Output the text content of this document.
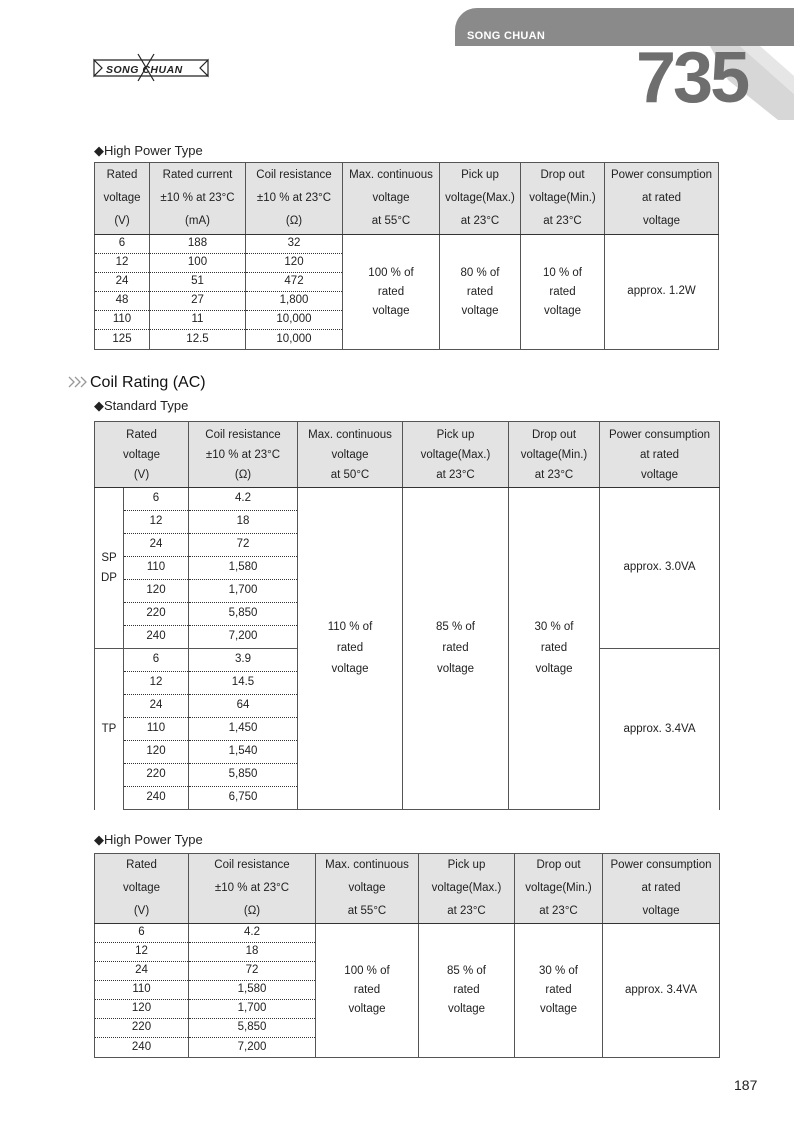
SONG CHUAN
735
SONG CHUAN
◆High Power Type
Rated
voltage
(V)	Rated current
±10 % at 23°C
(mA)	Coil resistance
±10 % at 23°C
(Ω)	Max. continuous
voltage
at 55°C	Pick up
voltage(Max.)
at 23°C	Drop out
voltage(Min.)
at 23°C	Power consumption
at rated
voltage

6	188	32	100 % of
rated
voltage	80 % of
rated
voltage	10 % of
rated
voltage	approx. 1.2W
12	100	120				
24	51	472				
48	27	1,800				
110	11	10,000				
125	12.5	10,000				
Coil Rating (AC)
◆Standard Type
Rated
voltage
(V)		Coil resistance
±10 % at 23°C
(Ω)	Max. continuous
voltage
at 50°C	Pick up
voltage(Max.)
at 23°C	Drop out
voltage(Min.)
at 23°C	Power consumption
at rated
voltage

SP
DP	6	4.2	110 % of
rated
voltage	85 % of
rated
voltage	30 % of
rated
voltage	approx. 3.0VA
	12	18				
	24	72				
	110	1,580				
	120	1,700				
	220	5,850				
	240	7,200				
TP	6	3.9				approx. 3.4VA
	12	14.5				
	24	64				
	110	1,450				
	120	1,540				
	220	5,850				
	240	6,750				
◆High Power Type
Rated
voltage
(V)	Coil resistance
±10 % at 23°C
(Ω)	Max. continuous
voltage
at 55°C	Pick up
voltage(Max.)
at 23°C	Drop out
voltage(Min.)
at 23°C	Power consumption
at rated
voltage

6	4.2	100 % of
rated
voltage	85 % of
rated
voltage	30 % of
rated
voltage	approx. 3.4VA
12	18				
24	72				
110	1,580				
120	1,700				
220	5,850				
240	7,200				
187
